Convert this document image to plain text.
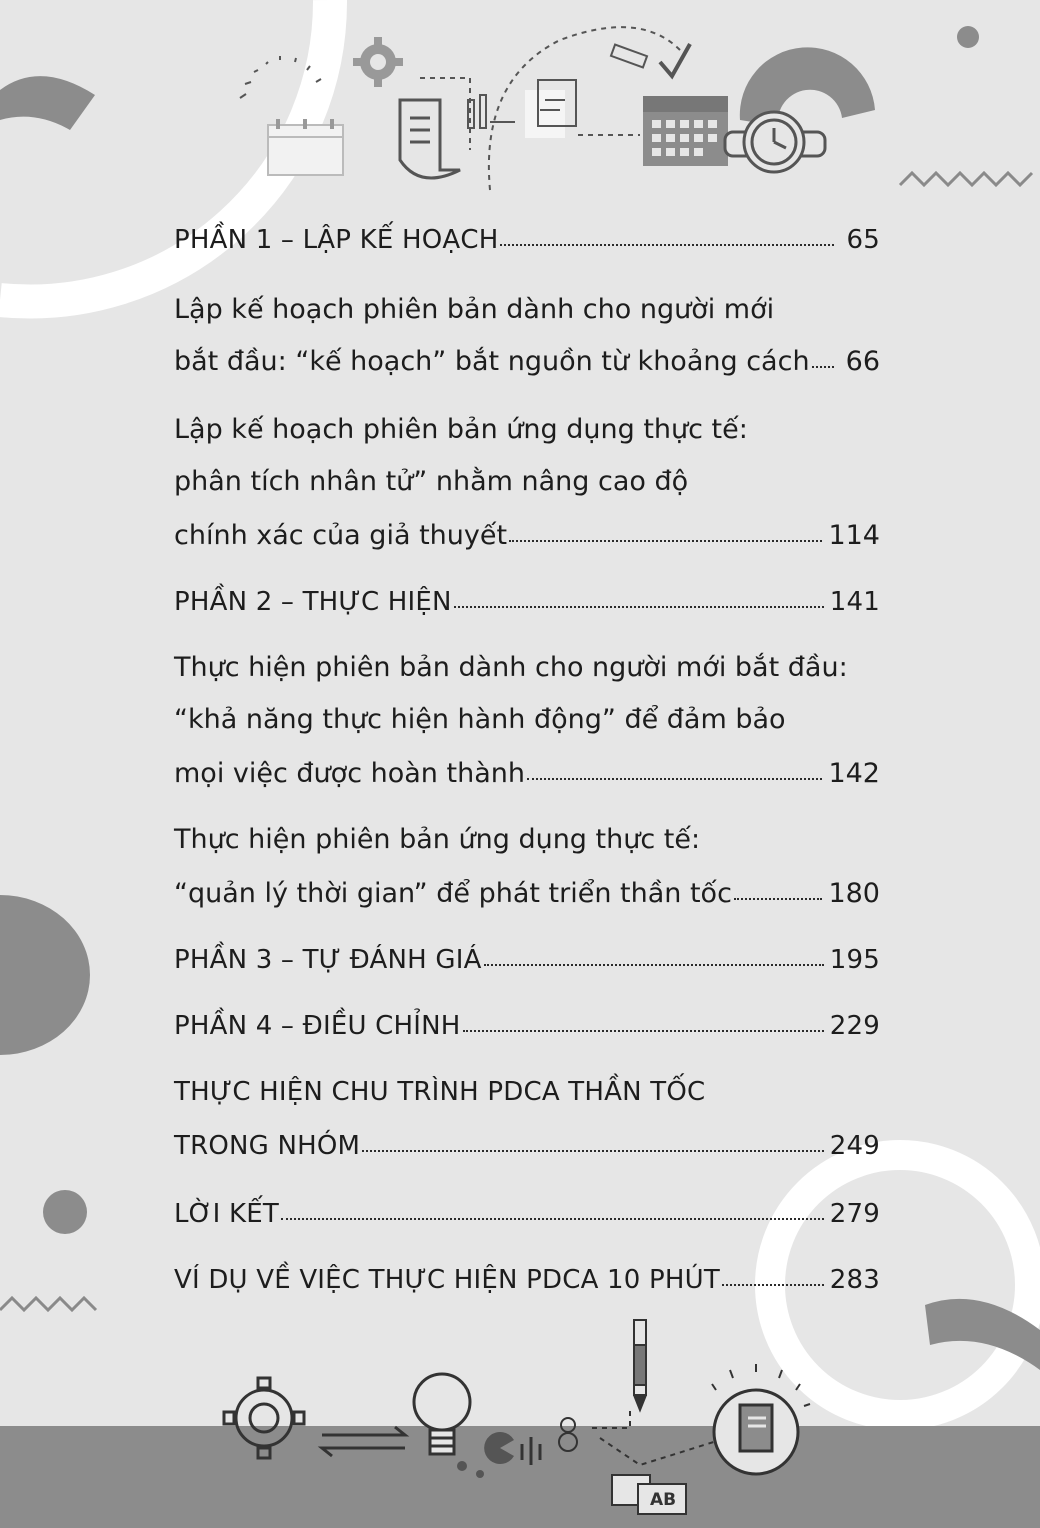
AB
PHẦN 1 – LẬP KẾ HOẠCH	65
Lập kế hoạch phiên bản dành cho người mới
bắt đầu: “kế hoạch” bắt nguồn từ khoảng cách 66
Lập kế hoạch phiên bản ứng dụng thực tế:
phân tích nhân tử” nhằm nâng cao độ
chính xác của giả thuyết	114
PHẦN 2 – THỰC HIỆN	141
Thực hiện phiên bản dành cho người mới bắt đầu:
“khả năng thực hiện hành động” để đảm bảo
mọi việc được hoàn thành	142
Thực hiện phiên bản ứng dụng thực tế:
“quản lý thời gian” để phát triển thần tốc	180
PHẦN 3 – TỰ ĐÁNH GIÁ	195
PHẦN 4 – ĐIỀU CHỈNH	229
THỰC HIỆN CHU TRÌNH PDCA THẦN TỐC
TRONG NHÓM	249
LỜI KẾT	279
VÍ DỤ VỀ VIỆC THỰC HIỆN PDCA 10 PHÚT	283
